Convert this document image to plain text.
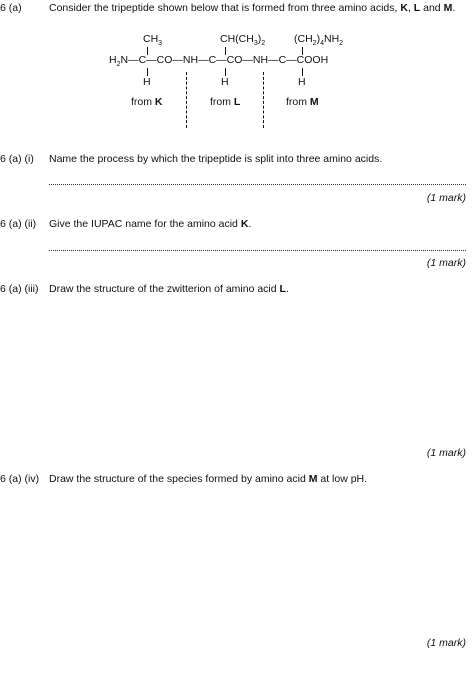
6 (a)	Consider the tripeptide shown below that is formed from three amino acids, K, L and M.
$CH_3$	$CH(CH_3)_2$	$(CH_2)_4NH_2$
$H_2N—C—CO—NH—C—CO—NH—C—COOH$
H	H	H
from K	from L	from M
6 (a) (i) Name the process by which the tripeptide is split into three amino acids.
(1 mark)
6 (a) (ii) Give the IUPAC name for the amino acid K.
(1 mark)
6 (a) (iii) Draw the structure of the zwitterion of amino acid L.
(1 mark)
6 (a) (iv) Draw the structure of the species formed by amino acid M at low pH.
(1 mark)
